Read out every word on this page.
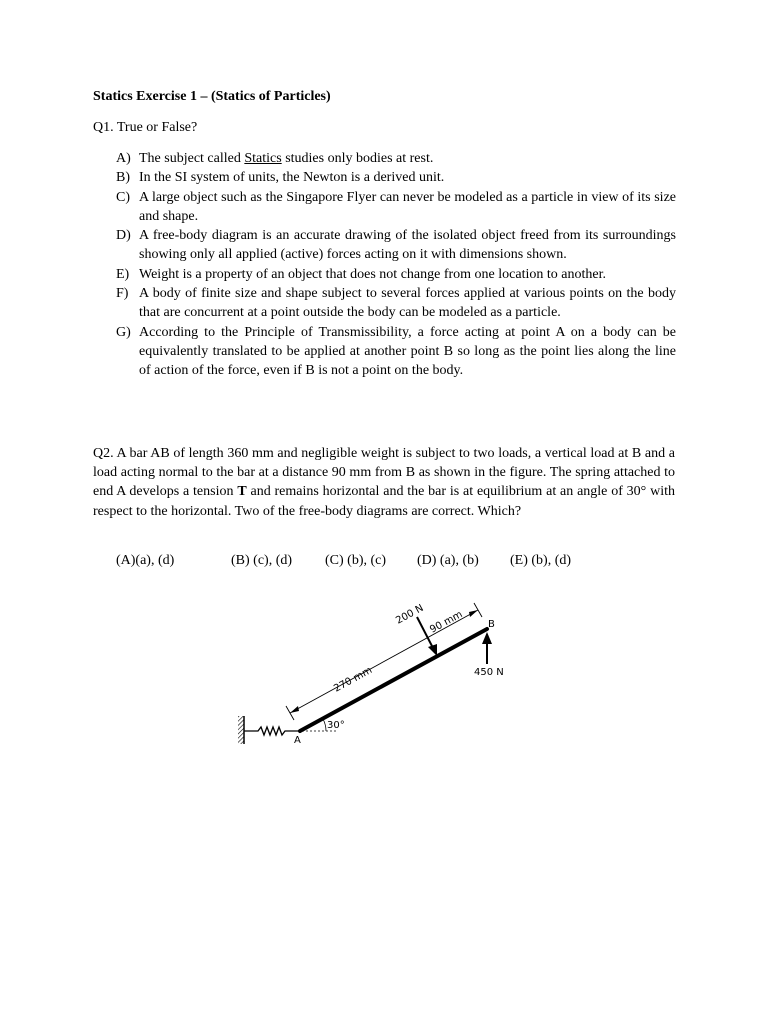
Statics Exercise 1 – (Statics of Particles)
Q1. True or False?
A) The subject called Statics studies only bodies at rest.
B) In the SI system of units, the Newton is a derived unit.
C) A large object such as the Singapore Flyer can never be modeled as a particle in view of its size and shape.
D) A free-body diagram is an accurate drawing of the isolated object freed from its surroundings showing only all applied (active) forces acting on it with dimensions shown.
E) Weight is a property of an object that does not change from one location to another.
F) A body of finite size and shape subject to several forces applied at various points on the body that are concurrent at a point outside the body can be modeled as a particle.
G) According to the Principle of Transmissibility, a force acting at point A on a body can be equivalently translated to be applied at another point B so long as the point lies along the line of action of the force, even if B is not a point on the body.
Q2. A bar AB of length 360 mm and negligible weight is subject to two loads, a vertical load at B and a load acting normal to the bar at a distance 90 mm from B as shown in the figure. The spring attached to end A develops a tension T and remains horizontal and the bar is at equilibrium at an angle of 30° with respect to the horizontal. Two of the free-body diagrams are correct. Which?
(A)(a), (d)	(B) (c), (d) (C) (b), (c) (D) (a), (b) (E) (b), (d)
30°
270 mm
90 mm
200 N
450 N
B
A
